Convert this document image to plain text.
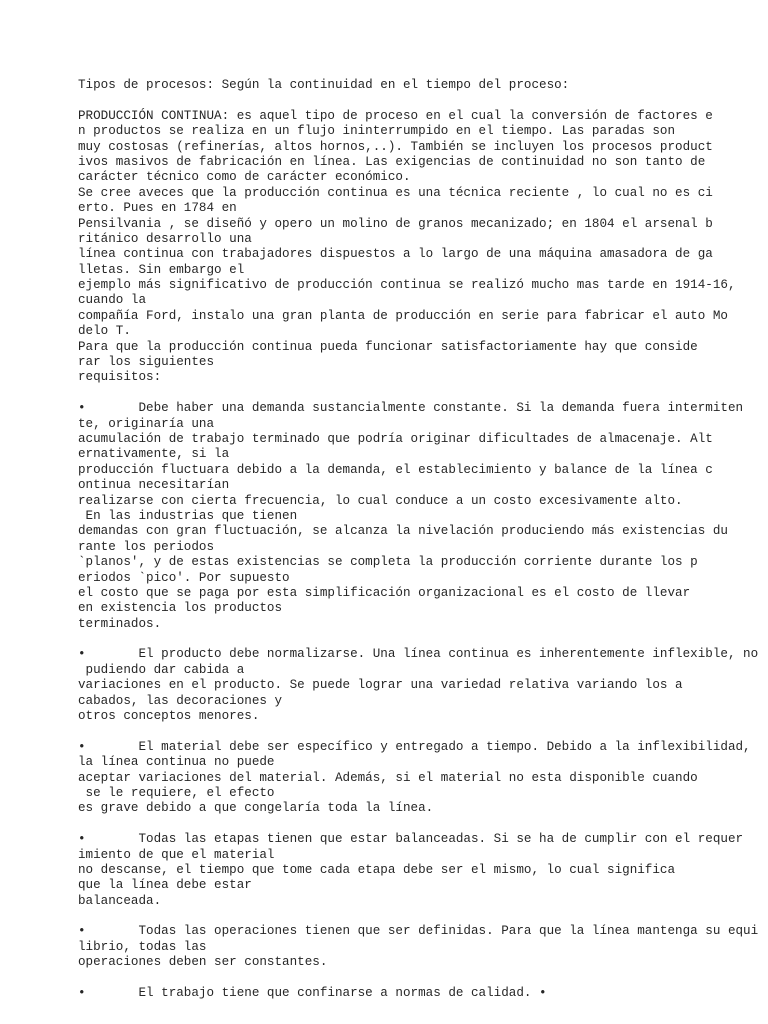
Tipos de procesos: Según la continuidad en el tiempo del proceso:
PRODUCCIÓN CONTINUA: es aquel tipo de proceso en el cual la conversión de factores e
n productos se realiza en un flujo ininterrumpido en el tiempo. Las paradas son
muy costosas (refinerías, altos hornos,..). También se incluyen los procesos product
ivos masivos de fabricación en línea. Las exigencias de continuidad no son tanto de
carácter técnico como de carácter económico.
Se cree aveces que la producción continua es una técnica reciente , lo cual no es ci
erto. Pues en 1784 en
Pensilvania , se diseñó y opero un molino de granos mecanizado; en 1804 el arsenal b
ritánico desarrollo una
línea continua con trabajadores dispuestos a lo largo de una máquina amasadora de ga
lletas. Sin embargo el
ejemplo más significativo de producción continua se realizó mucho mas tarde en 1914-16,
cuando la
compañía Ford, instalo una gran planta de producción en serie para fabricar el auto Mo
delo T.
Para que la producción continua pueda funcionar satisfactoriamente hay que conside
rar los siguientes
requisitos:
•       Debe haber una demanda sustancialmente constante. Si la demanda fuera intermiten
te, originaría una
acumulación de trabajo terminado que podría originar dificultades de almacenaje. Alt
ernativamente, si la
producción fluctuara debido a la demanda, el establecimiento y balance de la línea c
ontinua necesitarían
realizarse con cierta frecuencia, lo cual conduce a un costo excesivamente alto.
En las industrias que tienen
demandas con gran fluctuación, se alcanza la nivelación produciendo más existencias du
rante los periodos
`planos', y de estas existencias se completa la producción corriente durante los p
eriodos `pico'. Por supuesto
el costo que se paga por esta simplificación organizacional es el costo de llevar
en existencia los productos
terminados.
•       El producto debe normalizarse. Una línea continua es inherentemente inflexible, no
pudiendo dar cabida a
variaciones en el producto. Se puede lograr una variedad relativa variando los a
cabados, las decoraciones y
otros conceptos menores.
•       El material debe ser específico y entregado a tiempo. Debido a la inflexibilidad,
la línea continua no puede
aceptar variaciones del material. Además, si el material no esta disponible cuando
se le requiere, el efecto
es grave debido a que congelaría toda la línea.
•       Todas las etapas tienen que estar balanceadas. Si se ha de cumplir con el requer
imiento de que el material
no descanse, el tiempo que tome cada etapa debe ser el mismo, lo cual significa
que la línea debe estar
balanceada.
•       Todas las operaciones tienen que ser definidas. Para que la línea mantenga su equi
librio, todas las
operaciones deben ser constantes.
•       El trabajo tiene que confinarse a normas de calidad. •
